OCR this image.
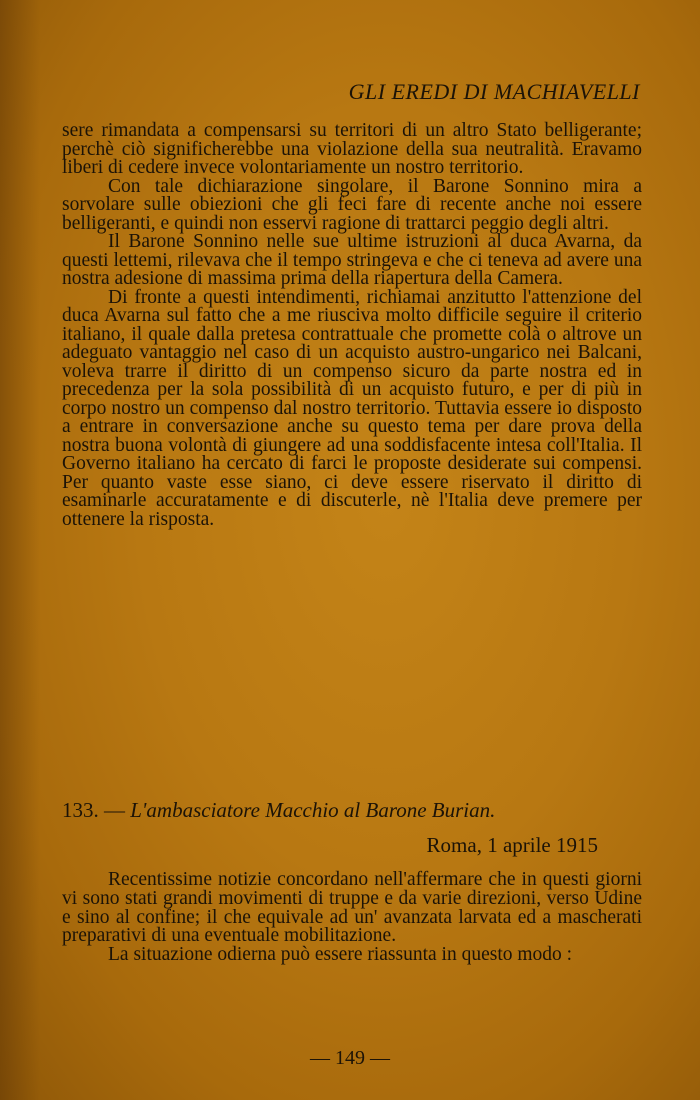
GLI EREDI DI MACHIAVELLI

sere rimandata a compensarsi su territori di un altro Stato belligerante; perchè ciò significherebbe una violazione della sua neutralità. Eravamo liberi di cedere invece volontariamente un nostro territorio.

Con tale dichiarazione singolare, il Barone Sonnino mira a sorvolare sulle obiezioni che gli feci fare di recente anche noi essere belligeranti, e quindi non esservi ragione di trattarci peggio degli altri.

Il Barone Sonnino nelle sue ultime istruzioni al duca Avarna, da questi lettemi, rilevava che il tempo stringeva e che ci teneva ad avere una nostra adesione di massima prima della riapertura della Camera.

Di fronte a questi intendimenti, richiamai anzitutto l'attenzione del duca Avarna sul fatto che a me riusciva molto difficile seguire il criterio italiano, il quale dalla pretesa contrattuale che promette colà o altrove un adeguato vantaggio nel caso di un acquisto austro-ungarico nei Balcani, voleva trarre il diritto di un compenso sicuro da parte nostra ed in precedenza per la sola possibilità di un acquisto futuro, e per di più in corpo nostro un compenso dal nostro territorio. Tuttavia essere io disposto a entrare in conversazione anche su questo tema per dare prova della nostra buona volontà di giungere ad una soddisfacente intesa coll'Italia. Il Governo italiano ha cercato di farci le proposte desiderate sui compensi. Per quanto vaste esse siano, ci deve essere riservato il diritto di esaminarle accuratamente e di discuterle, nè l'Italia deve premere per ottenere la risposta.

133. — L'ambasciatore Macchio al Barone Burian.
Roma, 1 aprile 1915

Recentissime notizie concordano nell'affermare che in questi giorni vi sono stati grandi movimenti di truppe e da varie direzioni, verso Udine e sino al confine; il che equivale ad un' avanzata larvata ed a mascherati preparativi di una eventuale mobilitazione.

La situazione odierna può essere riassunta in questo modo :

— 149 —
